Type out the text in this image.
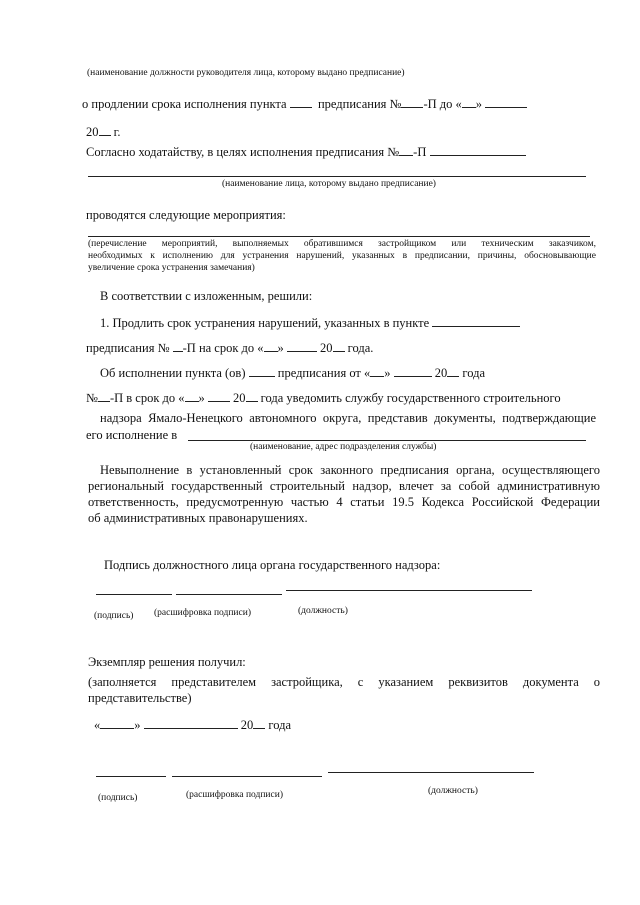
(наименование должности руководителя лица, которому выдано предписание)
о продлении срока исполнения пункта	предписания № -П до « »
20 г.
Согласно ходатайству, в целях исполнения предписания № -П
(наименование лица, которому выдано предписание)
проводятся следующие мероприятия:
(перечисление мероприятий, выполняемых обратившимся застройщиком или техническим заказчиком,
необходимых к исполнению для устранения нарушений, указанных в предписании, причины, обосновывающие
увеличение срока устранения замечания)
В соответствии с изложенным, решили:
1. Продлить срок устранения нарушений, указанных в пункте
предписания № -П на срок до « »	20 года.
Об исполнении пункта (ов)	предписания от « »	20 года
№ -П в срок до « » 20 года уведомить службу государственного строительного
надзора Ямало-Ненецкого автономного округа, представив документы, подтверждающие
его исполнение в
(наименование, адрес подразделения службы)
Невыполнение в установленный срок законного предписания органа, осуществляющего
региональный государственный строительный надзор, влечет за собой административную
ответственность, предусмотренную частью 4 статьи 19.5 Кодекса Российской Федерации
об административных правонарушениях.
Подпись должностного лица органа государственного надзора:
(подпись) (расшифровка подписи)	(должность)
Экземпляр решения получил:
(заполняется представителем застройщика, с указанием реквизитов документа о
представительстве)
«	»	20 года
(подпись)	(расшифровка подписи)	(должность)
